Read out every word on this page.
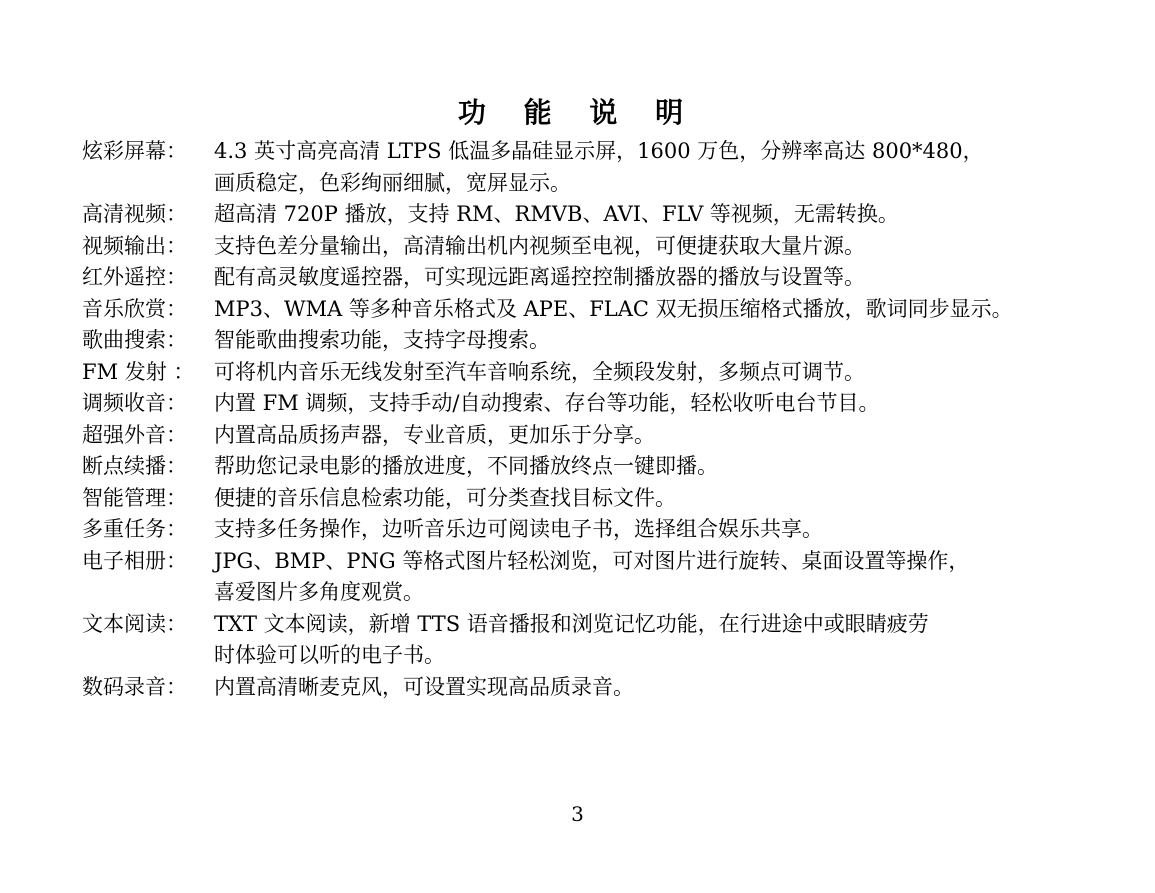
功 能 说 明
炫彩屏幕：	4.3 英寸高亮高清 LTPS 低温多晶硅显示屏，1600 万色，分辨率高达 800*480，
画质稳定，色彩绚丽细腻，宽屏显示。
高清视频：	超高清 720P 播放，支持 RM、RMVB、AVI、FLV 等视频，无需转换。
视频输出：	支持色差分量输出，高清输出机内视频至电视，可便捷获取大量片源。
红外遥控：	配有高灵敏度遥控器，可实现远距离遥控控制播放器的播放与设置等。
音乐欣赏：	MP3、WMA 等多种音乐格式及 APE、FLAC 双无损压缩格式播放，歌词同步显示。
歌曲搜索：	智能歌曲搜索功能，支持字母搜索。
FM 发射 ： 可将机内音乐无线发射至汽车音响系统，全频段发射，多频点可调节。
调频收音：	内置 FM 调频，支持手动/自动搜索、存台等功能，轻松收听电台节目。
超强外音：	内置高品质扬声器，专业音质，更加乐于分享。
断点续播：	帮助您记录电影的播放进度，不同播放终点一键即播。
智能管理：	便捷的音乐信息检索功能，可分类查找目标文件。
多重任务：	支持多任务操作，边听音乐边可阅读电子书，选择组合娱乐共享。
电子相册：	JPG、BMP、PNG 等格式图片轻松浏览，可对图片进行旋转、桌面设置等操作，
喜爱图片多角度观赏。
文本阅读：	TXT 文本阅读，新增 TTS 语音播报和浏览记忆功能，在行进途中或眼睛疲劳
时体验可以听的电子书。
数码录音：	内置高清晰麦克风，可设置实现高品质录音。
3
